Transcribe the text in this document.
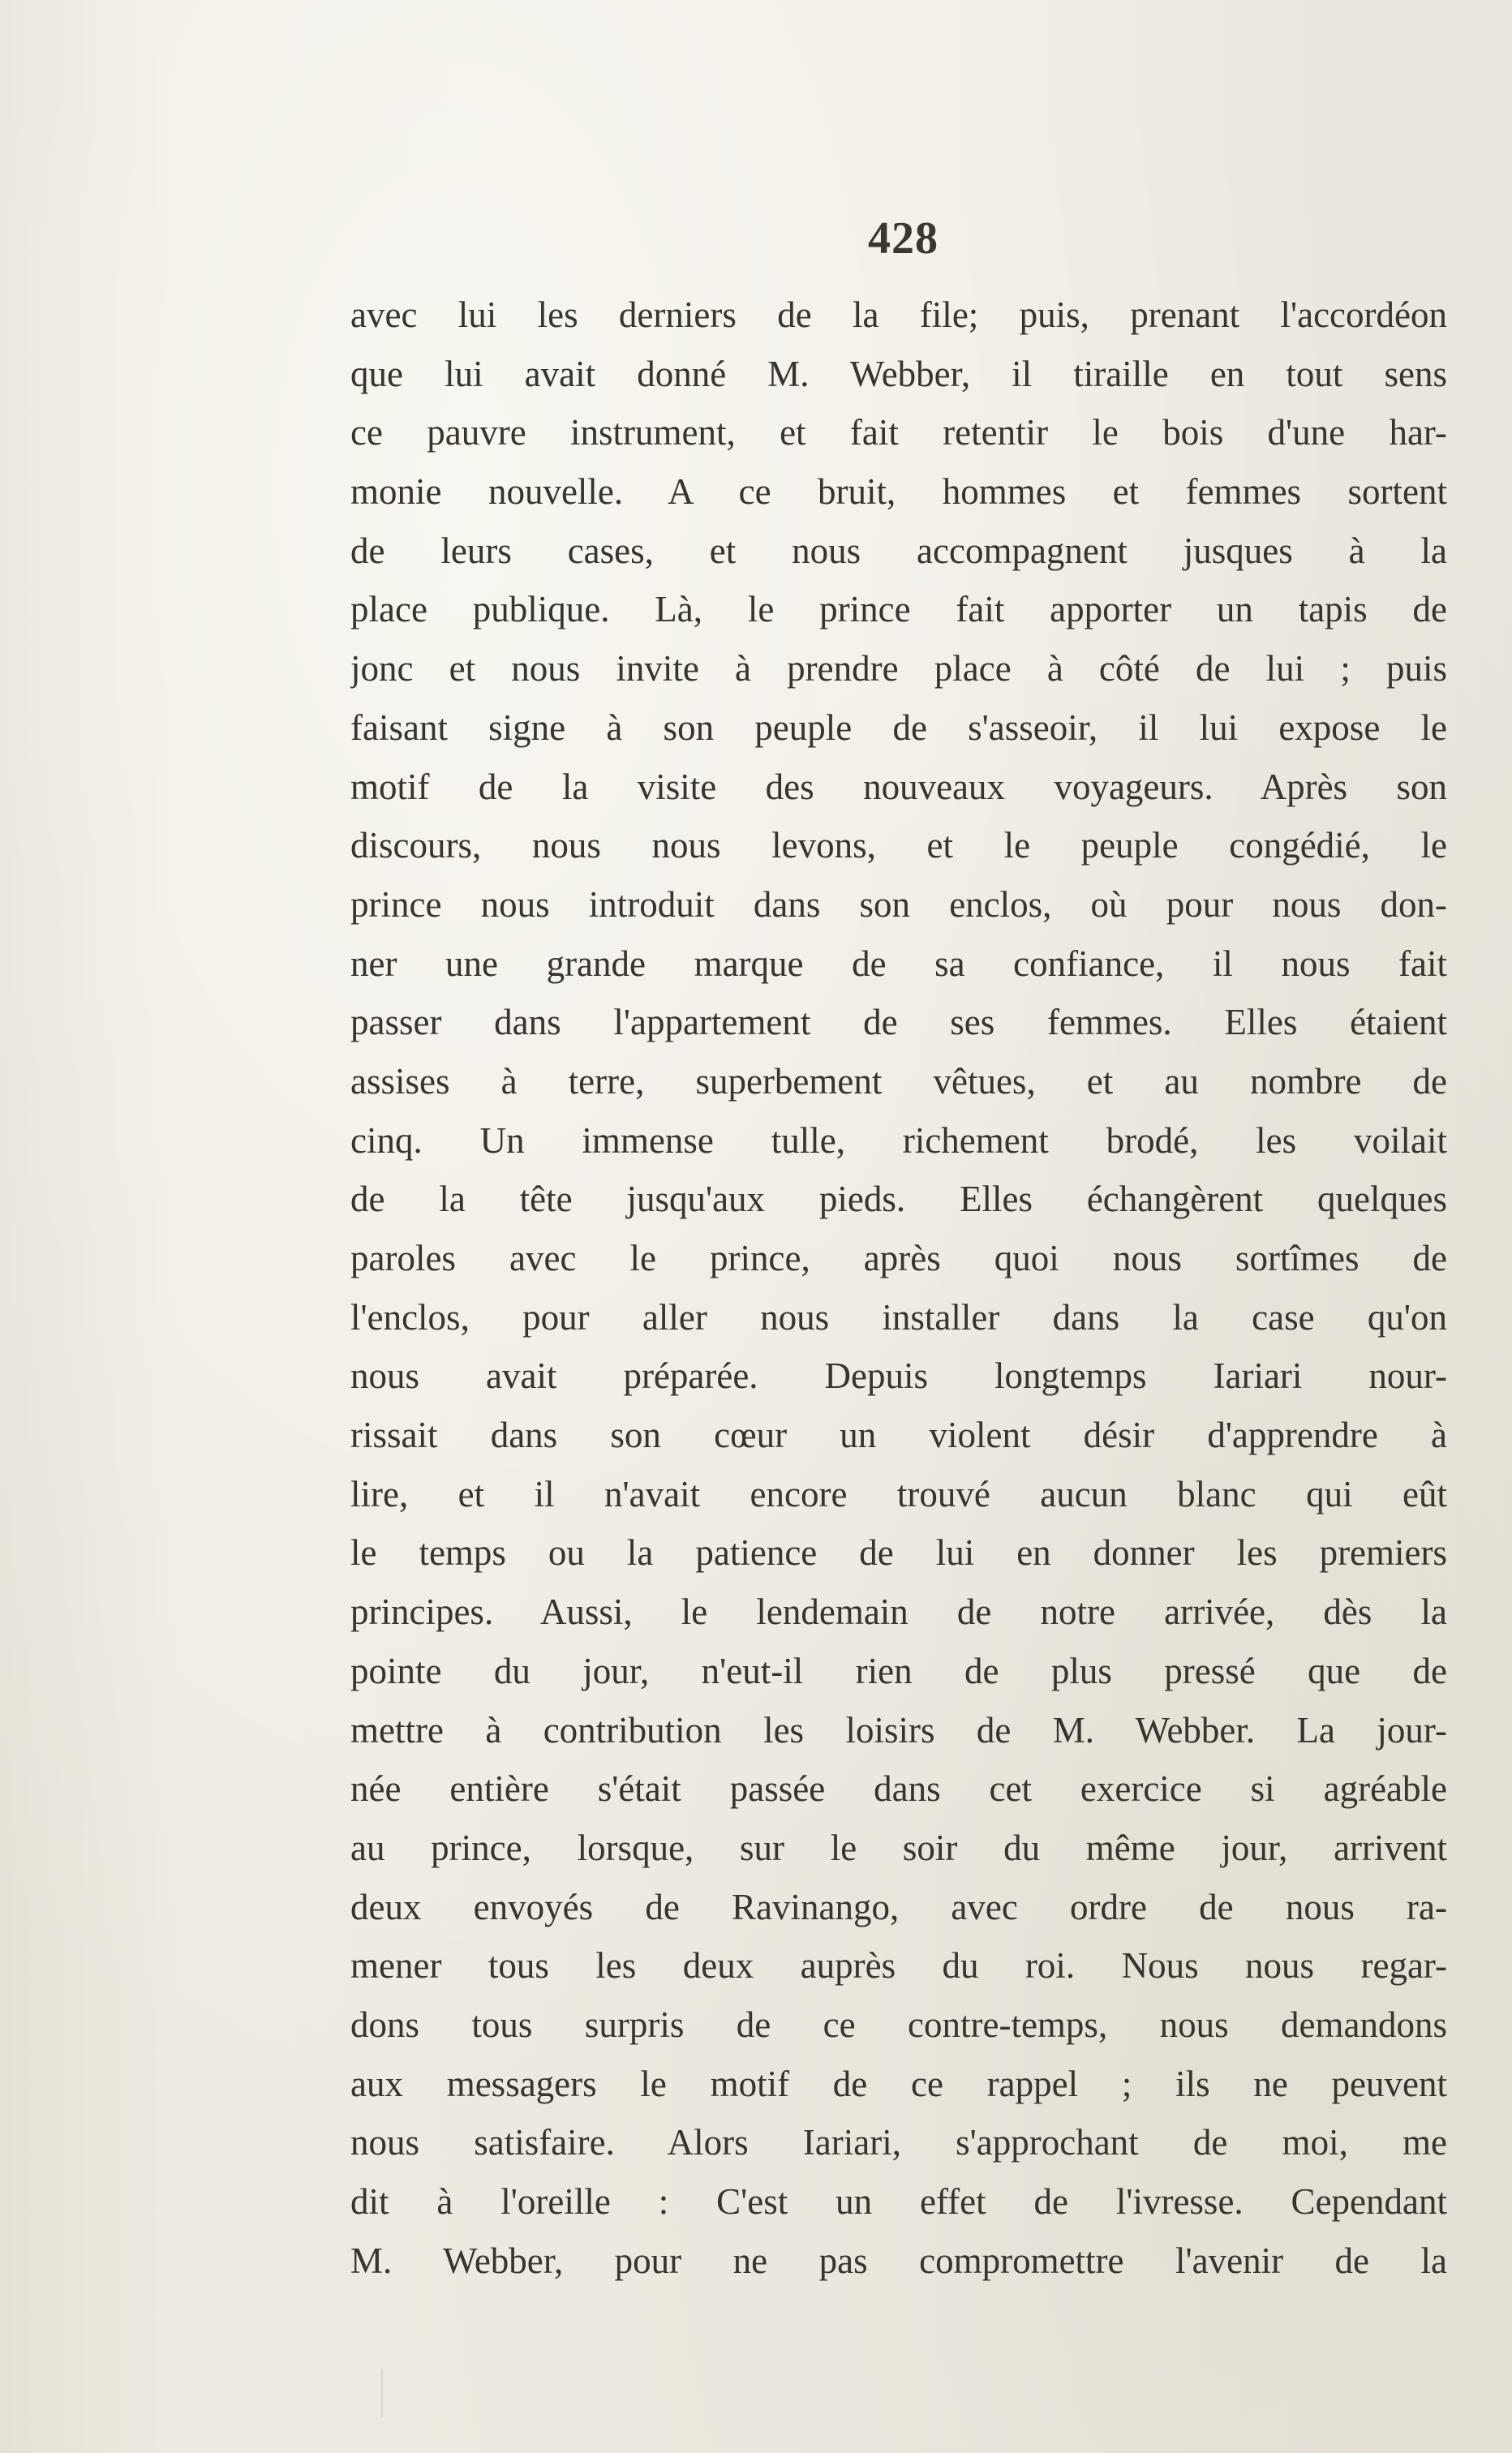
428
avec lui les derniers de la file; puis, prenant l'accordéon
que lui avait donné M. Webber, il tiraille en tout sens
ce pauvre instrument, et fait retentir le bois d'une har-
monie nouvelle. A ce bruit, hommes et femmes sortent
de leurs cases, et nous accompagnent jusques à la
place publique. Là, le prince fait apporter un tapis de
jonc et nous invite à prendre place à côté de lui ; puis
faisant signe à son peuple de s'asseoir, il lui expose le
motif de la visite des nouveaux voyageurs. Après son
discours, nous nous levons, et le peuple congédié, le
prince nous introduit dans son enclos, où pour nous don-
ner une grande marque de sa confiance, il nous fait
passer dans l'appartement de ses femmes. Elles étaient
assises à terre, superbement vêtues, et au nombre de
cinq. Un immense tulle, richement brodé, les voilait
de la tête jusqu'aux pieds. Elles échangèrent quelques
paroles avec le prince, après quoi nous sortîmes de
l'enclos, pour aller nous installer dans la case qu'on
nous avait préparée. Depuis longtemps Iariari nour-
rissait dans son cœur un violent désir d'apprendre à
lire, et il n'avait encore trouvé aucun blanc qui eût
le temps ou la patience de lui en donner les premiers
principes. Aussi, le lendemain de notre arrivée, dès la
pointe du jour, n'eut-il rien de plus pressé que de
mettre à contribution les loisirs de M. Webber. La jour-
née entière s'était passée dans cet exercice si agréable
au prince, lorsque, sur le soir du même jour, arrivent
deux envoyés de Ravinango, avec ordre de nous ra-
mener tous les deux auprès du roi. Nous nous regar-
dons tous surpris de ce contre-temps, nous demandons
aux messagers le motif de ce rappel ; ils ne peuvent
nous satisfaire. Alors Iariari, s'approchant de moi, me
dit à l'oreille : C'est un effet de l'ivresse. Cependant
M. Webber, pour ne pas compromettre l'avenir de la
